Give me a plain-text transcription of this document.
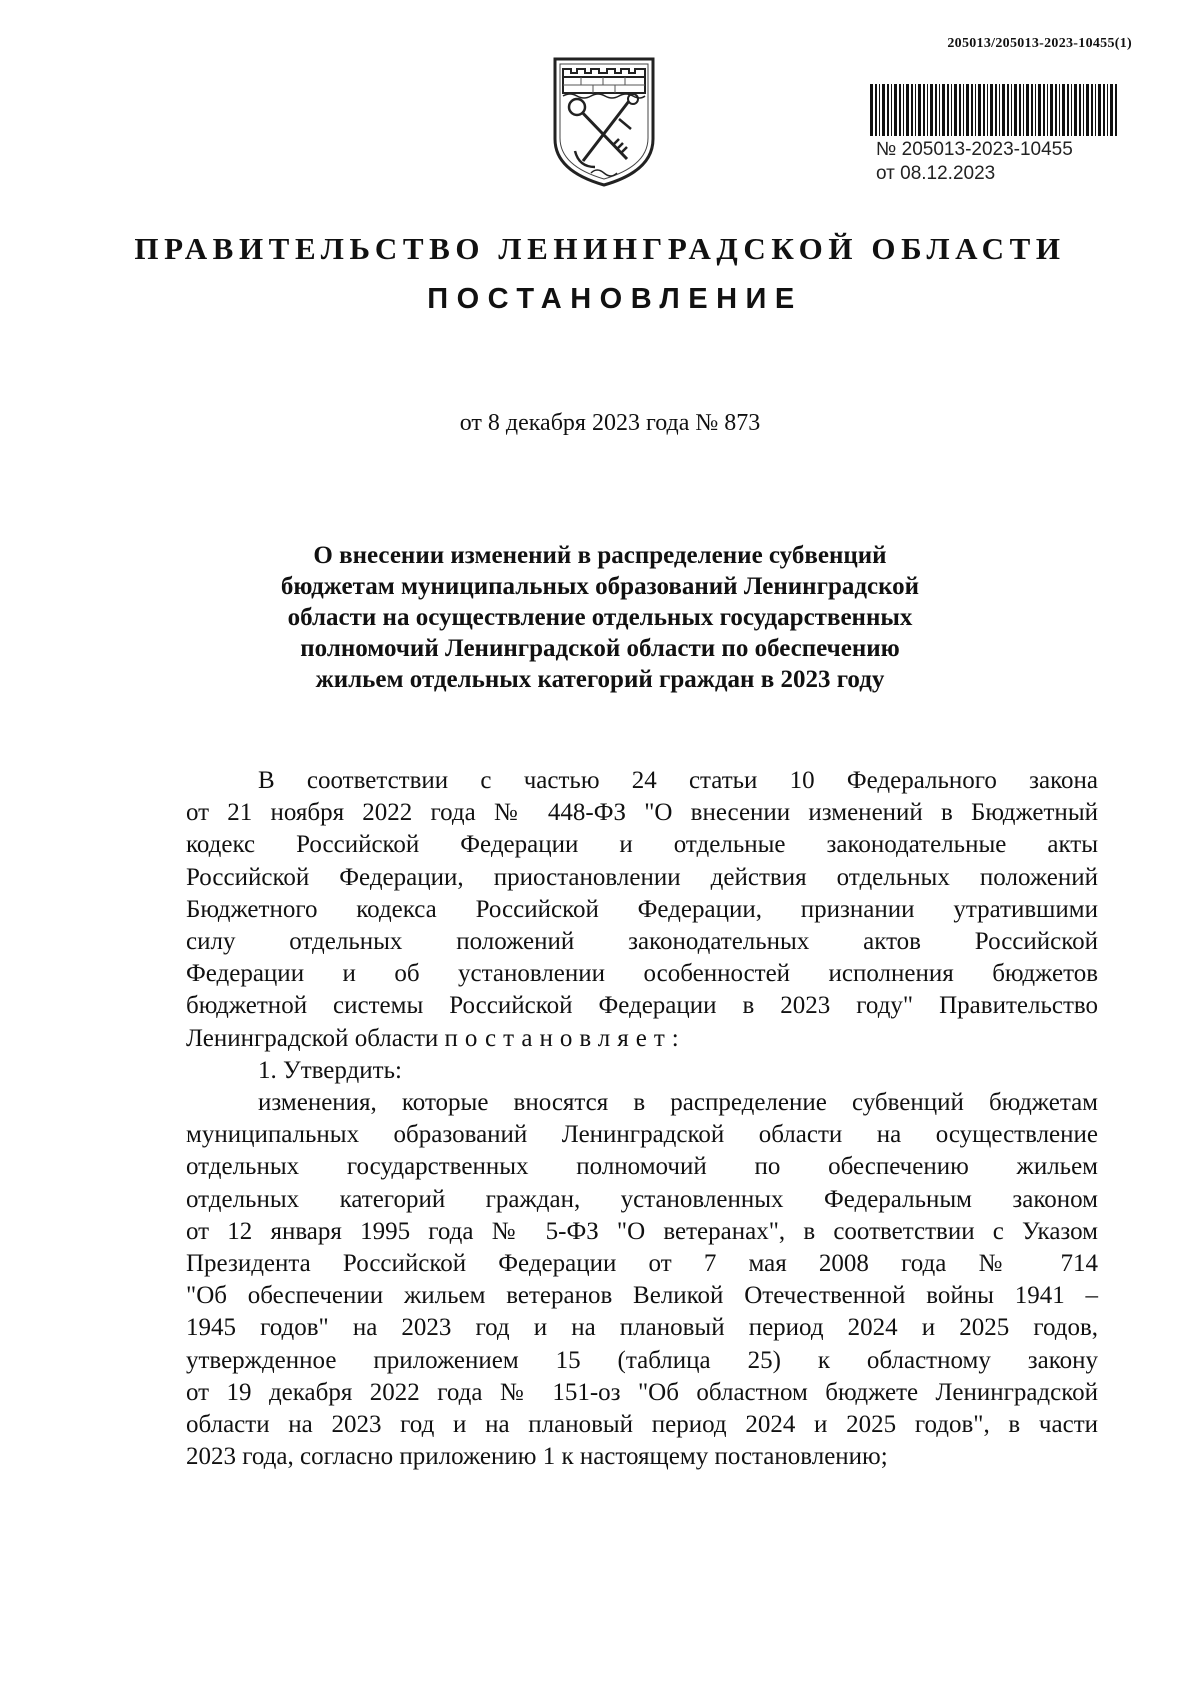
205013/205013-2023-10455(1)
№ 205013-2023-10455
от 08.12.2023
ПРАВИТЕЛЬСТВО ЛЕНИНГРАДСКОЙ ОБЛАСТИ
ПОСТАНОВЛЕНИЕ
от 8 декабря 2023 года № 873
О внесении изменений в распределение субвенций
бюджетам муниципальных образований Ленинградской
области на осуществление отдельных государственных
полномочий Ленинградской области по обеспечению
жильем отдельных категорий граждан в 2023 году
В соответствии с частью 24 статьи 10 Федерального закона
от 21 ноября 2022 года № 448-ФЗ "О внесении изменений в Бюджетный
кодекс Российской Федерации и отдельные законодательные акты
Российской Федерации, приостановлении действия отдельных положений
Бюджетного кодекса Российской Федерации, признании утратившими
силу отдельных положений законодательных актов Российской
Федерации и об установлении особенностей исполнения бюджетов
бюджетной системы Российской Федерации в 2023 году" Правительство
Ленинградской области постановляет:
1. Утвердить:
изменения, которые вносятся в распределение субвенций бюджетам
муниципальных образований Ленинградской области на осуществление
отдельных государственных полномочий по обеспечению жильем
отдельных категорий граждан, установленных Федеральным законом
от 12 января 1995 года № 5-ФЗ "О ветеранах", в соответствии с Указом
Президента Российской Федерации от 7 мая 2008 года № 714
"Об обеспечении жильем ветеранов Великой Отечественной войны 1941 –
1945 годов" на 2023 год и на плановый период 2024 и 2025 годов,
утвержденное приложением 15 (таблица 25) к областному закону
от 19 декабря 2022 года № 151-оз "Об областном бюджете Ленинградской
области на 2023 год и на плановый период 2024 и 2025 годов", в части
2023 года, согласно приложению 1 к настоящему постановлению;
